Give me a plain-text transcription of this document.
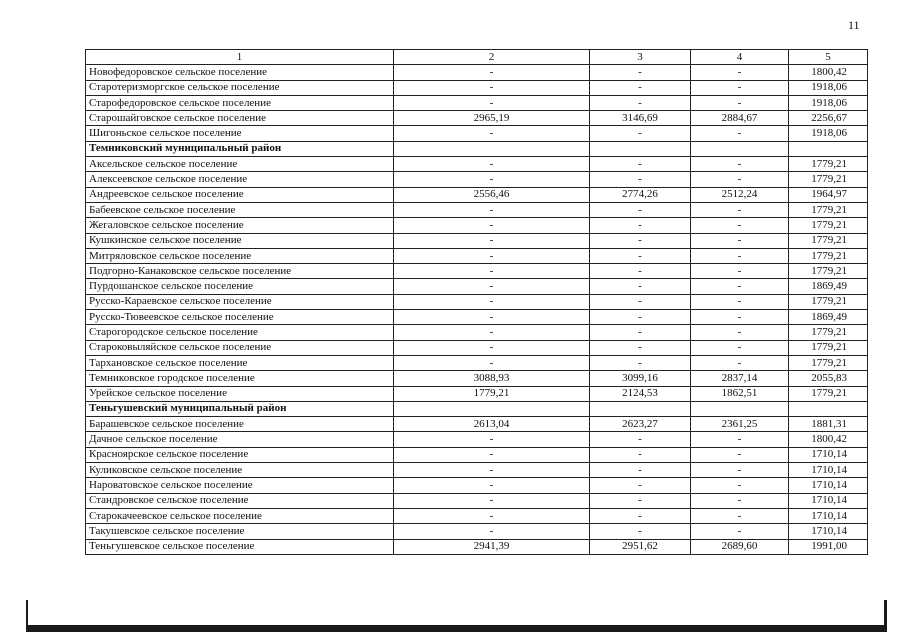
11
1	2	3	4	5
Новофедоровское сельское поселение	-	-	-	1800,42
Старотеризморгское сельское поселение	-	-	-	1918,06
Старофедоровское сельское поселение	-	-	-	1918,06
Старошайговское сельское поселение	2965,19	3146,69	2884,67	2256,67
Шигоньское сельское поселение	-	-	-	1918,06
Темниковский муниципальный район				
Аксельское сельское поселение	-	-	-	1779,21
Алексеевское сельское поселение	-	-	-	1779,21
Андреевское сельское поселение	2556,46	2774,26	2512,24	1964,97
Бабеевское сельское поселение	-	-	-	1779,21
Жегаловское сельское поселение	-	-	-	1779,21
Кушкинское сельское поселение	-	-	-	1779,21
Митряловское сельское поселение	-	-	-	1779,21
Подгорно-Канаковское сельское поселение	-	-	-	1779,21
Пурдошанское сельское поселение	-	-	-	1869,49
Русско-Караевское сельское поселение	-	-	-	1779,21
Русско-Тювеевское сельское поселение	-	-	-	1869,49
Старогородское сельское поселение	-	-	-	1779,21
Староковыляйское сельское поселение	-	-	-	1779,21
Тархановское сельское поселение	-	-	-	1779,21
Темниковское городское поселение	3088,93	3099,16	2837,14	2055,83
Урейское сельское поселение	1779,21	2124,53	1862,51	1779,21
Теньгушевский муниципальный район				
Барашевское сельское поселение	2613,04	2623,27	2361,25	1881,31
Дачное сельское поселение	-	-	-	1800,42
Красноярское сельское поселение	-	-	-	1710,14
Куликовское сельское поселение	-	-	-	1710,14
Нароватовское сельское поселение	-	-	-	1710,14
Стандровское сельское поселение	-	-	-	1710,14
Старокачеевское сельское поселение	-	-	-	1710,14
Такушевское сельское поселение	-	-	-	1710,14
Теньгушевское сельское поселение	2941,39	2951,62	2689,60	1991,00
